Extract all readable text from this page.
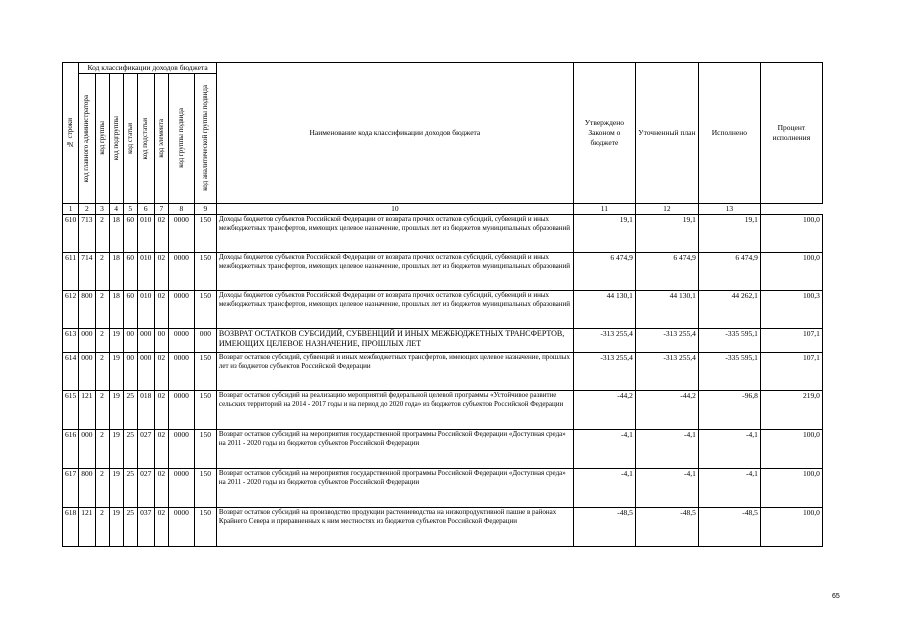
№ строки	Код классификации доходов бюджета								Наименование кода классификации доходов бюджета	Утверждено Законом о бюджете	Уточненный план	Исполнено	Процент исполнения

	код главного администратора	код группы	код подгруппы	код статьи	код подстатьи	код элемента	код группы подвида	код аналитической группы подвида					

1	2	3	4	5	6	7	8	9	10	11	12	13	
610	713	2	18	60	010	02	0000	150	Доходы бюджетов субъектов Российской Федерации от возврата прочих остатков субсидий, субвенций и иных межбюджетных трансфертов, имеющих целевое назначение, прошлых лет из бюджетов муниципальных образований	19,1	19,1	19,1	100,0
611	714	2	18	60	010	02	0000	150	Доходы бюджетов субъектов Российской Федерации от возврата прочих остатков субсидий, субвенций и иных межбюджетных трансфертов, имеющих целевое назначение, прошлых лет из бюджетов муниципальных образований	6 474,9	6 474,9	6 474,9	100,0
612	800	2	18	60	010	02	0000	150	Доходы бюджетов субъектов Российской Федерации от возврата прочих остатков субсидий, субвенций и иных межбюджетных трансфертов, имеющих целевое назначение, прошлых лет из бюджетов муниципальных образований	44 130,1	44 130,1	44 262,1	100,3
613	000	2	19	00	000	00	0000	000	ВОЗВРАТ ОСТАТКОВ СУБСИДИЙ, СУБВЕНЦИЙ И ИНЫХ МЕЖБЮДЖЕТНЫХ ТРАНСФЕРТОВ, ИМЕЮЩИХ ЦЕЛЕВОЕ НАЗНАЧЕНИЕ, ПРОШЛЫХ ЛЕТ	-313 255,4	-313 255,4	-335 595,1	107,1
614	000	2	19	00	000	02	0000	150	Возврат остатков субсидий, субвенций и иных межбюджетных трансфертов, имеющих целевое назначение, прошлых лет из бюджетов субъектов Российской Федерации	-313 255,4	-313 255,4	-335 595,1	107,1
615	121	2	19	25	018	02	0000	150	Возврат остатков субсидий на реализацию мероприятий федеральной целевой программы «Устойчивое развитие сельских территорий на 2014 - 2017 годы и на период до 2020 года» из бюджетов субъектов Российской Федерации	-44,2	-44,2	-96,8	219,0
616	000	2	19	25	027	02	0000	150	Возврат остатков субсидий на мероприятия государственной программы Российской Федерации «Доступная среда» на 2011 - 2020 годы из бюджетов субъектов Российской Федерации	-4,1	-4,1	-4,1	100,0
617	800	2	19	25	027	02	0000	150	Возврат остатков субсидий на мероприятия государственной программы Российской Федерации «Доступная среда» на 2011 - 2020 годы из бюджетов субъектов Российской Федерации	-4,1	-4,1	-4,1	100,0
618	121	2	19	25	037	02	0000	150	Возврат остатков субсидий на производство продукции растениеводства на низкопродуктивной пашне в районах Крайнего Севера и приравненных к ним местностях из бюджетов субъектов Российской Федерации	-48,5	-48,5	-48,5	100,0
65
